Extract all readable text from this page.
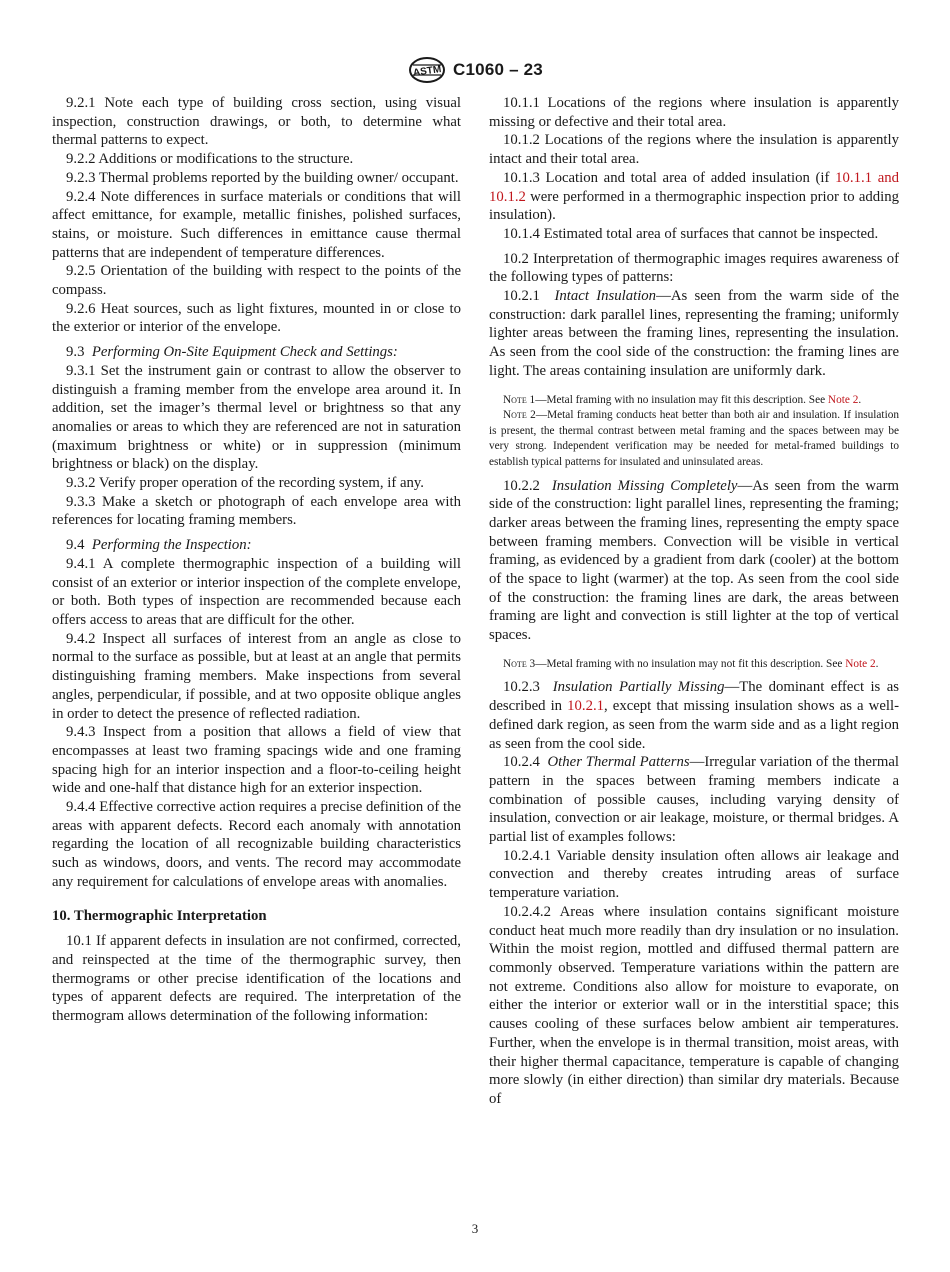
ASTM C1060 – 23

9.2.1 Note each type of building cross section, using visual inspection, construction drawings, or both, to determine what thermal patterns to expect.

9.2.2 Additions or modifications to the structure.

9.2.3 Thermal problems reported by the building owner/ occupant.

9.2.4 Note differences in surface materials or conditions that will affect emittance, for example, metallic finishes, polished surfaces, stains, or moisture. Such differences in emittance cause thermal patterns that are independent of temperature differences.

9.2.5 Orientation of the building with respect to the points of the compass.

9.2.6 Heat sources, such as light fixtures, mounted in or close to the exterior or interior of the envelope.

9.3 Performing On-Site Equipment Check and Settings:

9.3.1 Set the instrument gain or contrast to allow the observer to distinguish a framing member from the envelope area around it. In addition, set the imager’s thermal level or brightness so that any anomalies or areas to which they are referenced are not in saturation (maximum brightness or white) or in suppression (minimum brightness or black) on the display.

9.3.2 Verify proper operation of the recording system, if any.

9.3.3 Make a sketch or photograph of each envelope area with references for locating framing members.

9.4 Performing the Inspection:

9.4.1 A complete thermographic inspection of a building will consist of an exterior or interior inspection of the complete envelope, or both. Both types of inspection are recommended because each offers access to areas that are difficult for the other.

9.4.2 Inspect all surfaces of interest from an angle as close to normal to the surface as possible, but at least at an angle that permits distinguishing framing members. Make inspections from several angles, perpendicular, if possible, and at two opposite oblique angles in order to detect the presence of reflected radiation.

9.4.3 Inspect from a position that allows a field of view that encompasses at least two framing spacings wide and one framing spacing high for an interior inspection and a floor-to-ceiling height wide and one-half that distance high for an exterior inspection.

9.4.4 Effective corrective action requires a precise definition of the areas with apparent defects. Record each anomaly with annotation regarding the location of all recognizable building characteristics such as windows, doors, and vents. The record may accommodate any requirement for calculations of envelope areas with anomalies.

10. Thermographic Interpretation

10.1 If apparent defects in insulation are not confirmed, corrected, and reinspected at the time of the thermographic survey, then thermograms or other precise identification of the locations and types of apparent defects are required. The interpretation of the thermogram allows determination of the following information:

10.1.1 Locations of the regions where insulation is apparently missing or defective and their total area.

10.1.2 Locations of the regions where the insulation is apparently intact and their total area.

10.1.3 Location and total area of added insulation (if 10.1.1 and 10.1.2 were performed in a thermographic inspection prior to adding insulation).

10.1.4 Estimated total area of surfaces that cannot be inspected.

10.2 Interpretation of thermographic images requires awareness of the following types of patterns:

10.2.1 Intact Insulation—As seen from the warm side of the construction: dark parallel lines, representing the framing; uniformly lighter areas between the framing lines, representing the insulation. As seen from the cool side of the construction: the framing lines are light. The areas containing insulation are uniformly dark.

Note 1—Metal framing with no insulation may fit this description. See Note 2.

Note 2—Metal framing conducts heat better than both air and insulation. If insulation is present, the thermal contrast between metal framing and the spaces between may be very strong. Independent verification may be needed for metal-framed buildings to establish typical patterns for insulated and uninsulated areas.

10.2.2 Insulation Missing Completely—As seen from the warm side of the construction: light parallel lines, representing the framing; darker areas between the framing lines, representing the empty space between framing members. Convection will be visible in vertical framing, as evidenced by a gradient from dark (cooler) at the bottom of the space to light (warmer) at the top. As seen from the cool side of the construction: the framing lines are dark, the areas between framing are light and convection is still lighter at the top of vertical spaces.

Note 3—Metal framing with no insulation may not fit this description. See Note 2.

10.2.3 Insulation Partially Missing—The dominant effect is as described in 10.2.1, except that missing insulation shows as a well-defined dark region, as seen from the warm side and as a light region as seen from the cool side.

10.2.4 Other Thermal Patterns—Irregular variation of the thermal pattern in the spaces between framing members indicate a combination of possible causes, including varying density of insulation, convection or air leakage, moisture, or thermal bridges. A partial list of examples follows:

10.2.4.1 Variable density insulation often allows air leakage and convection and thereby creates intruding areas of surface temperature variation.

10.2.4.2 Areas where insulation contains significant moisture conduct heat much more readily than dry insulation or no insulation. Within the moist region, mottled and diffused thermal pattern are commonly observed. Temperature variations within the pattern are not extreme. Conditions also allow for moisture to evaporate, on either the interior or exterior wall or in the interstitial space; this causes cooling of these surfaces below ambient air temperatures. Further, when the envelope is in thermal transition, moist areas, with their higher thermal capacitance, temperature is capable of changing more slowly (in either direction) than similar dry materials. Because of

3
